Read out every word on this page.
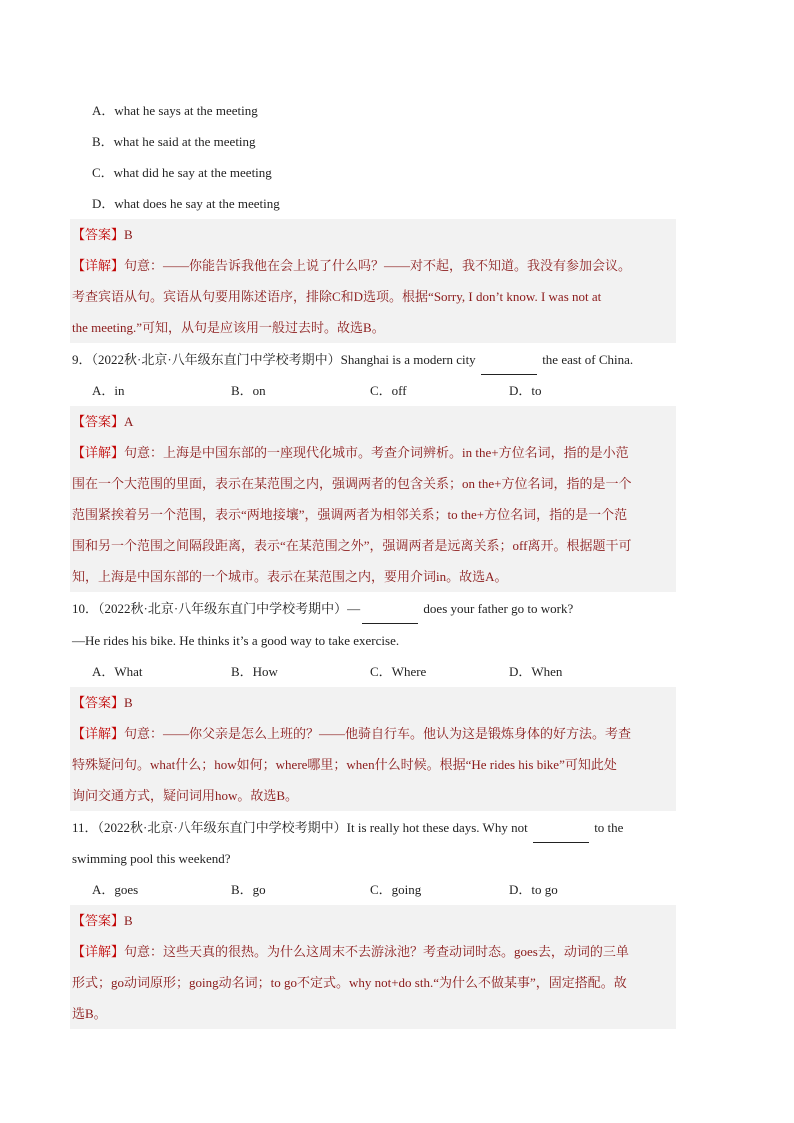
A．what he says at the meeting
B．what he said at the meeting
C．what did he say at the meeting
D．what does he say at the meeting
【答案】B
【详解】句意：——你能告诉我他在会上说了什么吗？——对不起，我不知道。我没有参加会议。
考查宾语从句。宾语从句要用陈述语序，排除C和D选项。根据“Sorry, I don’t know. I was not at
the meeting.”可知，从句是应该用一般过去时。故选B。
9．（2022秋·北京·八年级东直门中学校考期中）Shanghai is a modern city	the east of China.
A．in	B．on	C．off	D．to
【答案】A
【详解】句意：上海是中国东部的一座现代化城市。考查介词辨析。in the+方位名词，指的是小范
围在一个大范围的里面，表示在某范围之内，强调两者的包含关系；on the+方位名词，指的是一个
范围紧挨着另一个范围，表示“两地接壤”，强调两者为相邻关系；to the+方位名词，指的是一个范
围和另一个范围之间隔段距离，表示“在某范围之外”，强调两者是远离关系；off离开。根据题干可
知，上海是中国东部的一个城市。表示在某范围之内，要用介词in。故选A。
10．（2022秋·北京·八年级东直门中学校考期中）—	does your father go to work?
—He rides his bike. He thinks it’s a good way to take exercise.
A．What	B．How	C．Where	D．When
【答案】B
【详解】句意：——你父亲是怎么上班的？——他骑自行车。他认为这是锻炼身体的好方法。考查
特殊疑问句。what什么；how如何；where哪里；when什么时候。根据“He rides his bike”可知此处
询问交通方式，疑问词用how。故选B。
11．（2022秋·北京·八年级东直门中学校考期中）It is really hot these days. Why not	to the
swimming pool this weekend?
A．goes	B．go	C．going	D．to go
【答案】B
【详解】句意：这些天真的很热。为什么这周末不去游泳池？考查动词时态。goes去，动词的三单
形式；go动词原形；going动名词；to go不定式。why not+do sth.“为什么不做某事”，固定搭配。故
选B。
